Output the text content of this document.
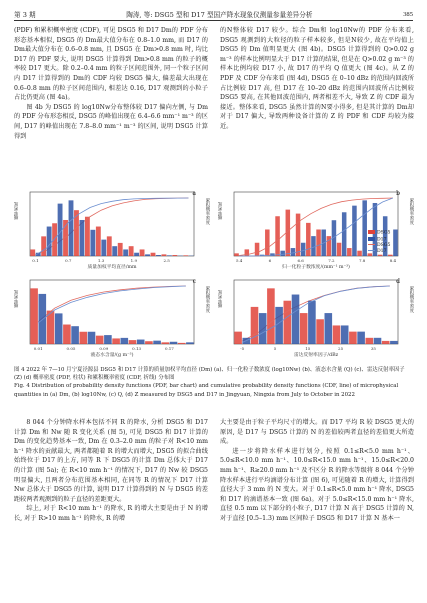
第 3 期	陶涛, 等: DSG5 型和 D17 型国产降水现象仪测量参量差异分析	385

(PDF) 和累积概率密度 (CDF), 可见 DSG5 和 D17 Dm的 PDF 分布形态基本相似, DSG5 的 Dm最大值分布在 0.8–1.0 mm, 而 D17 的 Dm最大值分布在 0.6–0.8 mm, 且 DSG5 在 Dm>0.8 mm 时, 均比 D17 的 PDF 要大, 说明 DSG5 计算得到 Dm>0.8 mm 的粒子的概率较 D17 更大。除 0.2–0.4 mm 的粒子区间范围外, 同一个粒子区间内 D17 计算得到的 Dm的 CDF 均较 DSG5 偏大, 偏差最大出现在 0.6–0.8 mm 的粒子区间范围内, 相差达 0.16, D17 观测到的小粒子占比仍更高 (图 4a)。

图 4b 为 DSG5 的 log10Nw分布整体较 D17 偏向左侧, 与 Dm的 PDF 分布形态相反, DSG5 的峰值出现在 6.4–6.6 mm⁻¹ m⁻³ 的区间, D17 的峰值出现在 7.8–8.0 mm⁻¹ m⁻³ 的区间, 说明 DSG5 计算得到

的N整体较 D17 较少。综合 Dm和 log10Nw的 PDF 分布来看, DSG5 观测到的大粒径的粒子样本较多, 但是N较少, 故在平均值上 DSG5 的 Dm 值明显更大 (图 4b)。DSG5 计算得到的 Q>0.02 g m⁻³ 的样本比例明显大于 D17 计算的结果, 但是在 Q>0.02 g m⁻³ 的样本比例均较 D17 小, 故 D17 的平均 Q 值更大 (图 4c)。从 Z 的 PDF 及 CDF 分布来看 (图 4d), DSG5 在 0–10 dBz 的范围内回波所占比例较 D17 高, 但 D17 在 10–20 dBz 的范围内回波所占比例较 DSG5 要高, 在其他回波范围内, 两者相差不大, 导致 Z 的 CDF 最为接近。整体来看, DSG5 虽然计算的N要小得多, 但是其计算的 Dm却对于 D17 偏大, 导致两种设备计算的 Z 的 PDF 和 CDF 均较为接近。

0.1	0.7	1.3	1.9	2.5
概率密度	累积概率密度
质量加权平均直径/mm
a
5.4	6	6.6	7.2	7.8	8.4
概率密度	累积概率密度
归一化粒子数浓度/(mm⁻¹ m⁻³)
b
DSG5
D17
DSG5
D17
0.01	0.05	0.09	0.13	0.17
概率密度	累积概率密度
液态水含量/(g m⁻³)
c
-5	5	15	25	35
概率密度	累积概率密度
雷达反射率因子/dBz
d

图 4 2022 年 7—10 月宁夏泾源县 DSG5 和 D17 计算的质量加权平均直径 (Dm) (a)、归一化粒子数浓度 (log10Nw) (b)、液态水含量 (Q) (c)、雷达反射率因子 (Z) (d) 概率密度 (PDF, 柱状) 和累积概率密度 (CDF, 折线) 分布图

Fig. 4 Distribution of probability density functions (PDF, bar chart) and cumulative probability density functions (CDF, line) of microphysical quantities in (a) Dm, (b) log10Nw, (c) Q, (d) Z measured by DSG5 and D17 in Jingyuan, Ningxia from July to October in 2022

8 044 个分钟降水样本包括不同 R 的降水, 分析 DSG5 和 D17 计算 Dm 和 Nw 随 R 变化关系 (图 5), 可见 DSG5 和 D17 计算的 Dm 的变化趋势基本一致, Dm 在 0.3–2.0 mm 的粒子对 R<10 mm h⁻¹ 降水的贡献最大, 两者都随着 R 的增大而增大, DSG5 的拟合曲线始终位于 D17 的上方, 同等 R 下 DSG5 的计算 Dm 总体大于 D17 的计算 (图 5a); 在 R<10 mm h⁻¹ 的情况下, D17 的 Nw 较 DSG5 明显偏大, 且两者分布范围基本相同, 在同等 R 的情况下 D17 计算 Nw 总体大于 DSG5 的计算, 说明 D17 计算得到的 N 与 DSG5 的差距较两者观测到的粒子直径的差距更大。

综上, 对于 R<10 mm h⁻¹ 的降水, R 的增大主要是由于 N 的增长, 对于 R>10 mm h⁻¹ 的降水, R 的增

大主要是由于粒子平均尺寸的增大。而 D17 平均 R 较 DSG5 更大的原因, 是 D17 与 DSG5 计算的 N 的差值较两者直径的差值更大所造成。

进一步将降水样本进行划分, 按照 0.1≤R<5.0 mm h⁻¹、5.0≤R<10.0 mm h⁻¹、10.0≤R<15.0 mm h⁻¹、15.0≤R<20.0 mm h⁻¹、R≥20.0 mm h⁻¹ 及不区分 R 的降水等级将 8 044 个分钟降水样本进行平均滴谱分布计算 (图 6), 可见随着 R 的增大, 计算得到直径大于 3 mm 的 N 变大。对于 0.1≤R<5.0 mm h⁻¹ 降水, DSG5 和 D17 的滴谱基本一致 (图 6a)。对于 5.0≤R<15.0 mm h⁻¹ 降水, 直径 0.5 mm 以下部分的小粒子, D17 计算 N 高于 DSG5 计算的 N, 对于直径 [0.5–1.3) mm 区间粒子 DSG5 和 D17 计算 N 基本一
